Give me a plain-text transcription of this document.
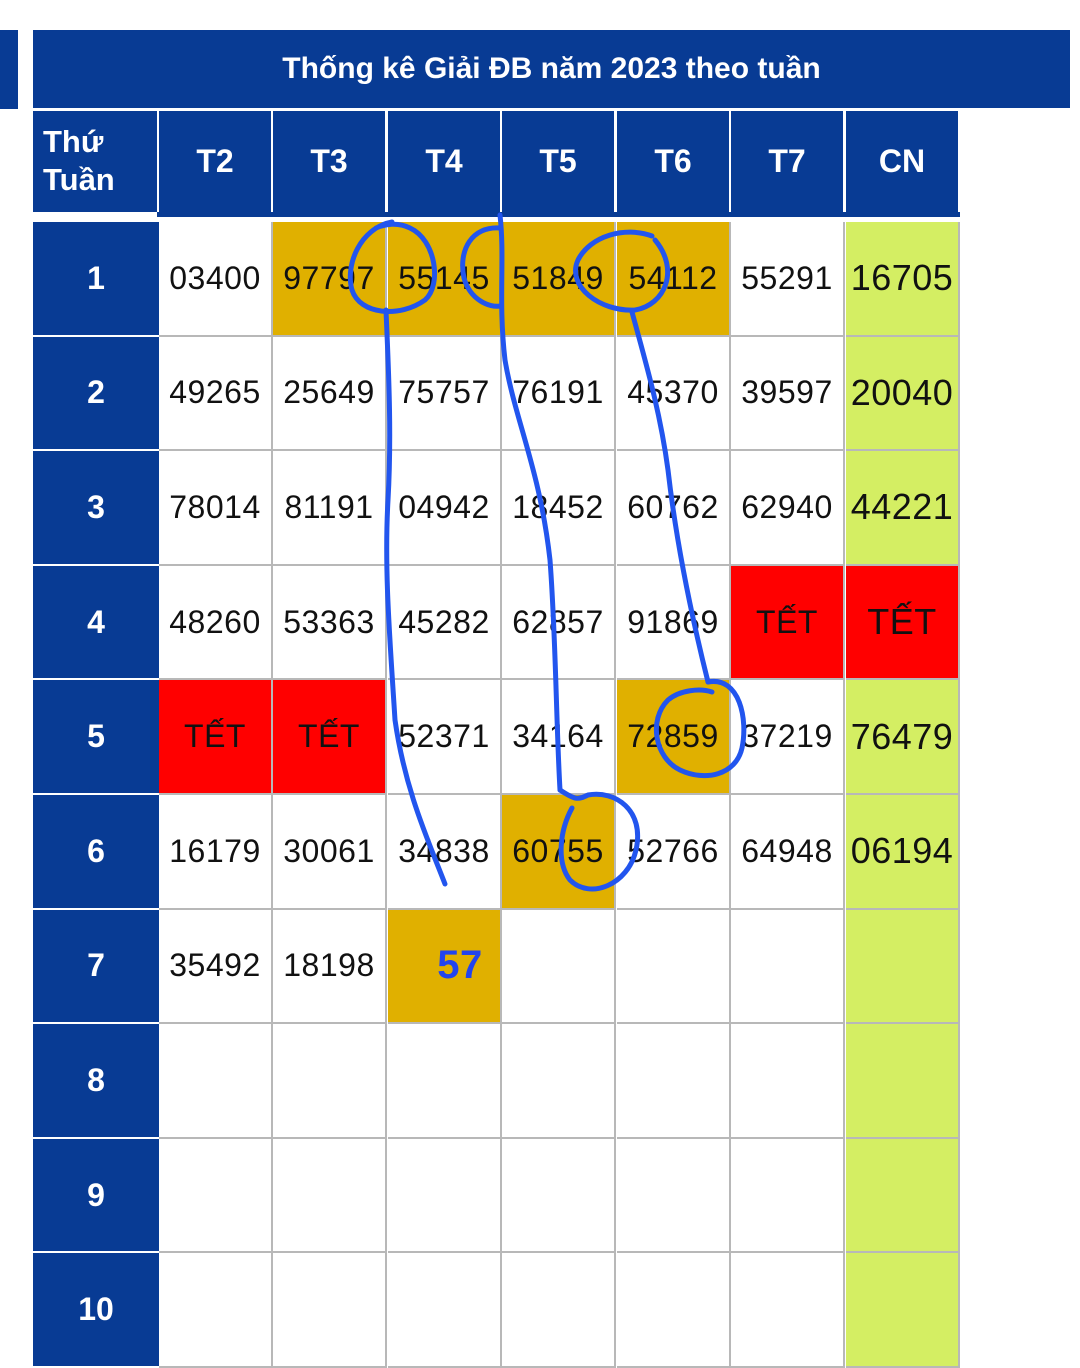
Thống kê Giải ĐB năm 2023 theo tuần
Thứ
Tuần
T2	T3	T4	T5	T6	T7	CN
1	03400 97797 55145 51849 54112 55291 16705
2	49265 25649 75757 76191 45370 39597 20040
3	78014 81191 04942 18452 60762 62940 44221
4	48260 53363 45282 62857 91869	TẾT	TẾT
5	TẾT	TẾT	52371 34164 72859 37219 76479
6	16179 30061 34838 60755 52766 64948 06194
7	35492 18198	57
8
9
10
